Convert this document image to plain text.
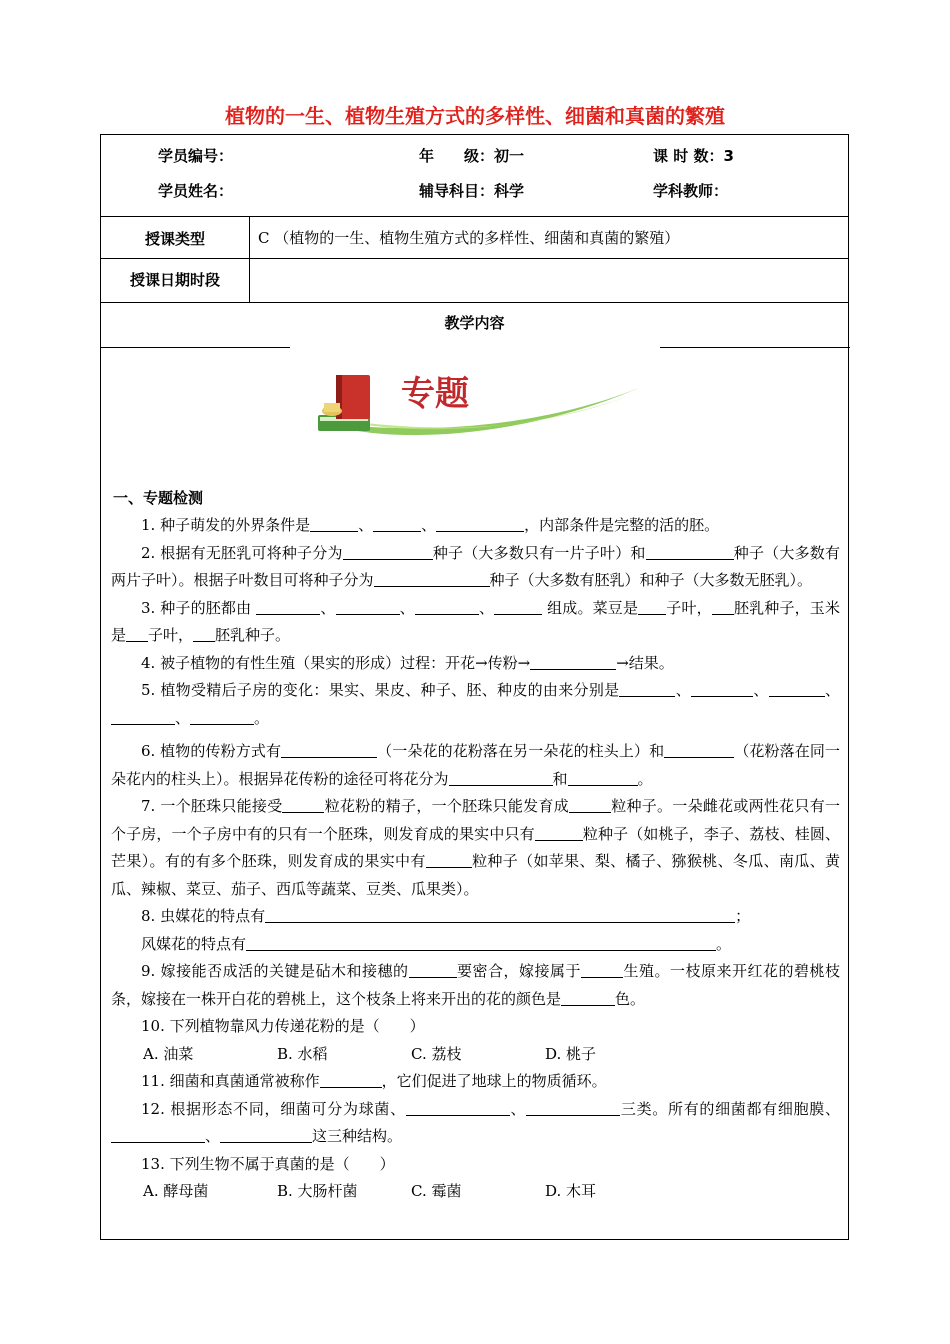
植物的一生、植物生殖方式的多样性、细菌和真菌的繁殖
学员编号：	年　　级：初一	课 时 数：3
学员姓名：	辅导科目：科学	学科教师：
授课类型	C （植物的一生、植物生殖方式的多样性、细菌和真菌的繁殖）
授课日期时段
教学内容
专题
一、专题检测

1. 种子萌发的外界条件是	、	、	，内部条件是完整的活的胚。

2. 根据有无胚乳可将种子分为	种子（大多数只有一片子叶）和	种子（大多数有两片子叶）。根据子叶数目可将种子分为	种子（大多数有胚乳）和种子（大多数无胚乳）。

3. 种子的胚都由	、	、	、	组成。菜豆是 子叶， 胚乳种子，玉米是 子叶， 胚乳种子。

4. 被子植物的有性生殖（果实的形成）过程：开花→传粉→	→结果。

5. 植物受精后子房的变化：果实、果皮、种子、胚、种皮的由来分别是	、	、	、、	。

6. 植物的传粉方式有	（一朵花的花粉落在另一朵花的柱头上）和	（花粉落在同一朵花内的柱头上）。根据异花传粉的途径可将花分为	和	。

7. 一个胚珠只能接受	粒花粉的精子，一个胚珠只能发育成	粒种子。一朵雌花或两性花只有一个子房，一个子房中有的只有一个胚珠，则发育成的果实中只有	粒种子（如桃子，李子、荔枝、桂圆、芒果）。有的有多个胚珠，则发育成的果实中有	粒种子（如苹果、梨、橘子、猕猴桃、冬瓜、南瓜、黄瓜、辣椒、菜豆、茄子、西瓜等蔬菜、豆类、瓜果类）。

8. 虫媒花的特点有	；

风媒花的特点有	。

9. 嫁接能否成活的关键是砧木和接穗的	要密合，嫁接属于	生殖。一枝原来开红花的碧桃枝条，嫁接在一株开白花的碧桃上，这个枝条上将来开出的花的颜色是	色。

10. 下列植物靠风力传递花粉的是（　　）

A. 油菜	B. 水稻	C. 荔枝	D. 桃子

11. 细菌和真菌通常被称作	，它们促进了地球上的物质循环。

12. 根据形态不同，细菌可分为球菌、	、	三类。所有的细菌都有细胞膜、、	这三种结构。

13. 下列生物不属于真菌的是（　　）

A. 酵母菌	B. 大肠杆菌	C. 霉菌	D. 木耳
